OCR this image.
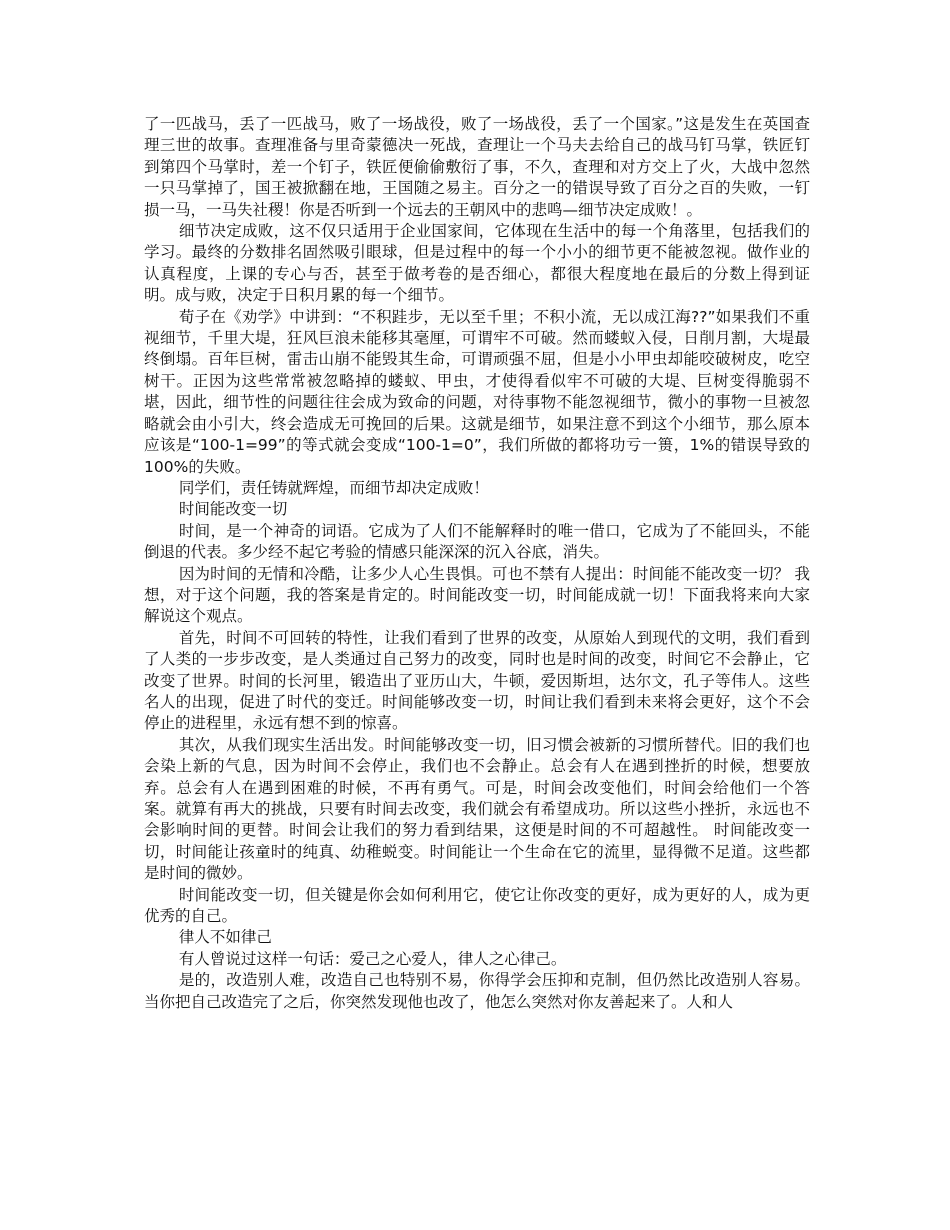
了一匹战马，丢了一匹战马，败了一场战役，败了一场战役，丢了一个国家。”这是发生在英国查理三世的故事。查理准备与里奇蒙德决一死战，查理让一个马夫去给自己的战马钉马掌，铁匠钉到第四个马掌时，差一个钉子，铁匠便偷偷敷衍了事，不久，查理和对方交上了火，大战中忽然一只马掌掉了，国王被掀翻在地，王国随之易主。百分之一的错误导致了百分之百的失败，一钉损一马，一马失社稷！你是否听到一个远去的王朝风中的悲鸣—细节决定成败！。

细节决定成败，这不仅只适用于企业国家间，它体现在生活中的每一个角落里，包括我们的学习。最终的分数排名固然吸引眼球，但是过程中的每一个小小的细节更不能被忽视。做作业的认真程度，上课的专心与否，甚至于做考卷的是否细心，都很大程度地在最后的分数上得到证明。成与败，决定于日积月累的每一个细节。

荀子在《劝学》中讲到：“不积跬步，无以至千里；不积小流，无以成江海??”如果我们不重视细节，千里大堤，狂风巨浪未能移其毫厘，可谓牢不可破。然而蝼蚁入侵，日削月割，大堤最终倒塌。百年巨树，雷击山崩不能毁其生命，可谓顽强不屈，但是小小甲虫却能咬破树皮，吃空树干。正因为这些常常被忽略掉的蝼蚁、甲虫，才使得看似牢不可破的大堤、巨树变得脆弱不堪，因此，细节性的问题往往会成为致命的问题，对待事物不能忽视细节，微小的事物一旦被忽略就会由小引大，终会造成无可挽回的后果。这就是细节，如果注意不到这个小细节，那么原本应该是“100-1=99”的等式就会变成“100-1=0”，我们所做的都将功亏一篑，1%的错误导致的100%的失败。

同学们，责任铸就辉煌，而细节却决定成败！

时间能改变一切

时间，是一个神奇的词语。它成为了人们不能解释时的唯一借口，它成为了不能回头，不能倒退的代表。多少经不起它考验的情感只能深深的沉入谷底，消失。

因为时间的无情和冷酷，让多少人心生畏惧。可也不禁有人提出：时间能不能改变一切？ 我想，对于这个问题，我的答案是肯定的。时间能改变一切，时间能成就一切！下面我将来向大家解说这个观点。

首先，时间不可回转的特性，让我们看到了世界的改变，从原始人到现代的文明，我们看到了人类的一步步改变，是人类通过自己努力的改变，同时也是时间的改变，时间它不会静止，它改变了世界。时间的长河里，锻造出了亚历山大，牛顿，爱因斯坦，达尔文，孔子等伟人。这些名人的出现，促进了时代的变迁。时间能够改变一切，时间让我们看到未来将会更好，这个不会停止的进程里，永远有想不到的惊喜。

其次，从我们现实生活出发。时间能够改变一切，旧习惯会被新的习惯所替代。旧的我们也会染上新的气息，因为时间不会停止，我们也不会静止。总会有人在遇到挫折的时候，想要放弃。总会有人在遇到困难的时候，不再有勇气。可是，时间会改变他们，时间会给他们一个答案。就算有再大的挑战，只要有时间去改变，我们就会有希望成功。所以这些小挫折，永远也不会影响时间的更替。时间会让我们的努力看到结果，这便是时间的不可超越性。 时间能改变一切，时间能让孩童时的纯真、幼稚蜕变。时间能让一个生命在它的流里，显得微不足道。这些都是时间的微妙。

时间能改变一切，但关键是你会如何利用它，使它让你改变的更好，成为更好的人，成为更优秀的自己。

律人不如律己

有人曾说过这样一句话：爱己之心爱人，律人之心律己。

是的，改造别人难，改造自己也特别不易，你得学会压抑和克制，但仍然比改造别人容易。当你把自己改造完了之后，你突然发现他也改了，他怎么突然对你友善起来了。人和人
